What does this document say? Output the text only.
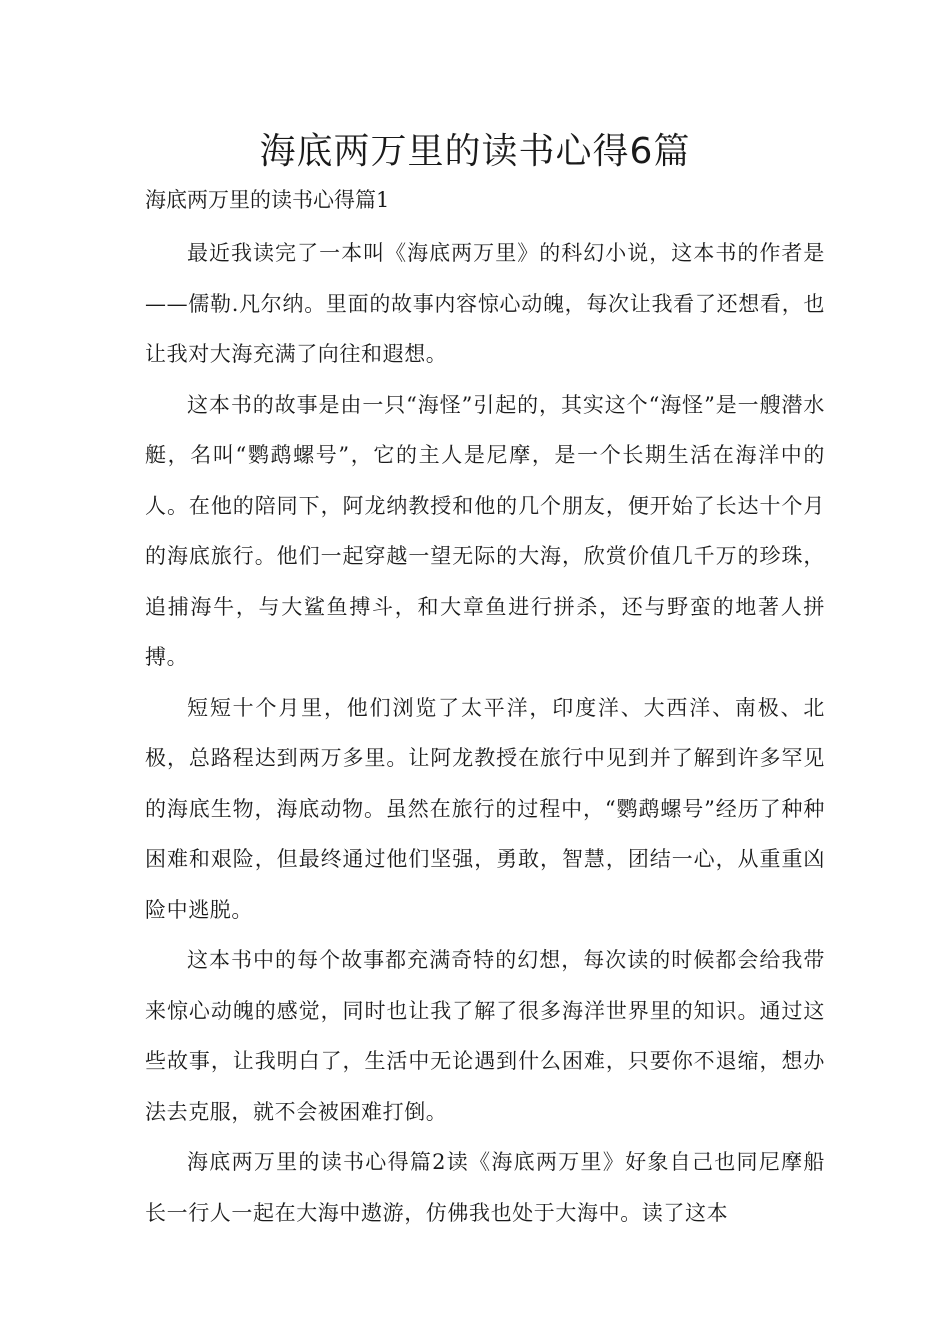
海底两万里的读书心得6篇
海底两万里的读书心得篇1

最近我读完了一本叫《海底两万里》的科幻小说，这本书的作者是——儒勒.凡尔纳。里面的故事内容惊心动魄，每次让我看了还想看，也让我对大海充满了向往和遐想。

这本书的故事是由一只“海怪”引起的，其实这个“海怪”是一艘潜水艇，名叫“鹦鹉螺号”，它的主人是尼摩，是一个长期生活在海洋中的人。在他的陪同下，阿龙纳教授和他的几个朋友，便开始了长达十个月的海底旅行。他们一起穿越一望无际的大海，欣赏价值几千万的珍珠，追捕海牛，与大鲨鱼搏斗，和大章鱼进行拼杀，还与野蛮的地著人拼搏。

短短十个月里，他们浏览了太平洋，印度洋、大西洋、南极、北极，总路程达到两万多里。让阿龙教授在旅行中见到并了解到许多罕见的海底生物，海底动物。虽然在旅行的过程中，“鹦鹉螺号”经历了种种困难和艰险，但最终通过他们坚强，勇敢，智慧，团结一心，从重重凶险中逃脱。

这本书中的每个故事都充满奇特的幻想，每次读的时候都会给我带来惊心动魄的感觉，同时也让我了解了很多海洋世界里的知识。通过这些故事，让我明白了，生活中无论遇到什么困难，只要你不退缩，想办法去克服，就不会被困难打倒。

海底两万里的读书心得篇2读《海底两万里》好象自己也同尼摩船长一行人一起在大海中遨游，仿佛我也处于大海中。读了这本
